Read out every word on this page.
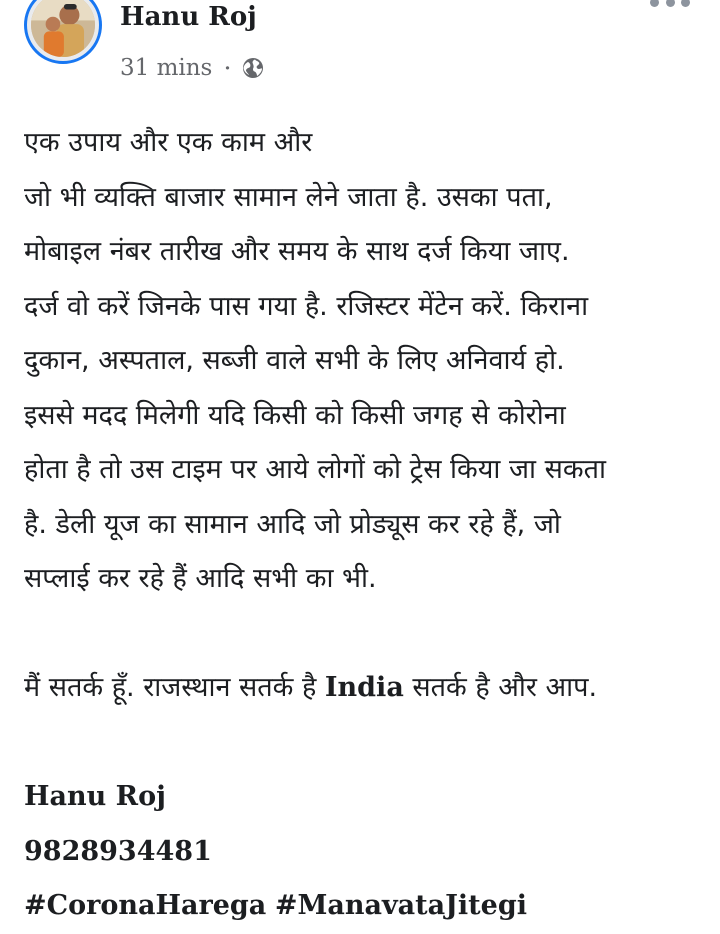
Hanu Roj
31 mins ·
एक उपाय और एक काम और
जो भी व्यक्ति बाजार सामान लेने जाता है. उसका पता,
मोबाइल नंबर तारीख और समय के साथ दर्ज किया जाए.
दर्ज वो करें जिनके पास गया है. रजिस्टर मेंटेन करें. किराना
दुकान, अस्पताल, सब्जी वाले सभी के लिए अनिवार्य हो.
इससे मदद मिलेगी यदि किसी को किसी जगह से कोरोना
होता है तो उस टाइम पर आये लोगों को ट्रेस किया जा सकता
है. डेली यूज का सामान आदि जो प्रोड्यूस कर रहे हैं, जो
सप्लाई कर रहे हैं आदि सभी का भी.
मैं सतर्क हूँ. राजस्थान सतर्क है India सतर्क है और आप.
Hanu Roj
9828934481
#CoronaHarega #ManavataJitegi
